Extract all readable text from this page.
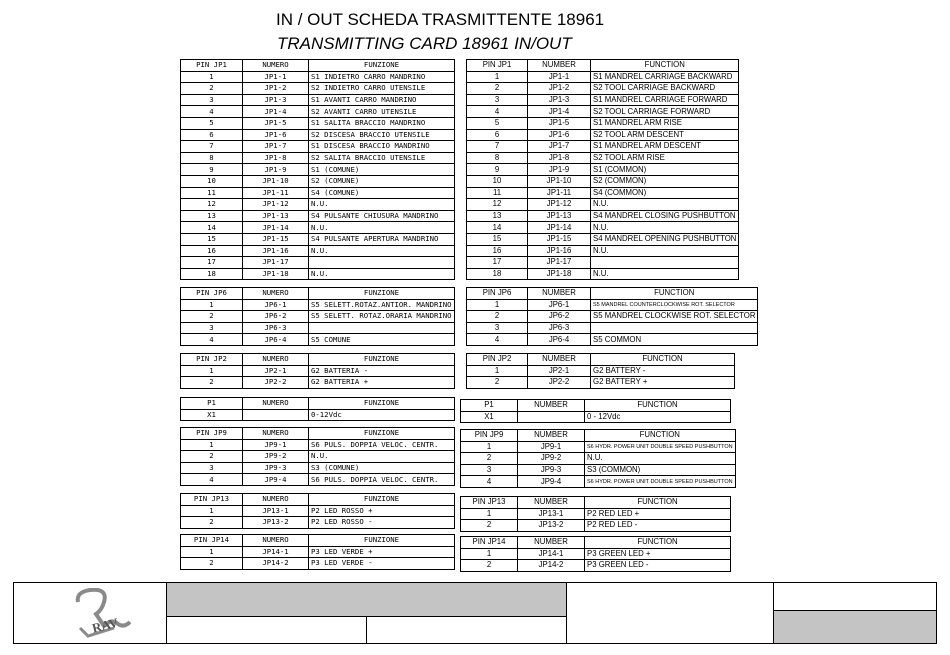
IN / OUT SCHEDA TRASMITTENTE 18961
TRANSMITTING CARD 18961 IN/OUT
PIN JP1	NUMERO	FUNZIONE
1	JP1-1	S1 INDIETRO CARRO MANDRINO
2	JP1-2	S2 INDIETRO CARRO UTENSILE
3	JP1-3	S1 AVANTI CARRO MANDRINO
4	JP1-4	S2 AVANTI CARRO UTENSILE
5	JP1-5	S1 SALITA BRACCIO MANDRINO
6	JP1-6	S2 DISCESA BRACCIO UTENSILE
7	JP1-7	S1 DISCESA BRACCIO MANDRINO
8	JP1-8	S2 SALITA BRACCIO UTENSILE
9	JP1-9	S1 (COMUNE)
10	JP1-10	S2 (COMUNE)
11	JP1-11	S4 (COMUNE)
12	JP1-12	N.U.
13	JP1-13	S4 PULSANTE CHIUSURA MANDRINO
14	JP1-14	N.U.
15	JP1-15	S4 PULSANTE APERTURA MANDRINO
16	JP1-16	N.U.
17	JP1-17	
18	JP1-18	N.U.
PIN JP6	NUMERO	FUNZIONE
1	JP6-1	S5 SELETT.ROTAZ.ANTIOR. MANDRINO
2	JP6-2	S5 SELETT. ROTAZ.ORARIA MANDRINO
3	JP6-3	
4	JP6-4	S5 COMUNE
PIN JP2	NUMERO	FUNZIONE
1	JP2-1	G2 BATTERIA -
2	JP2-2	G2 BATTERIA +
P1	NUMERO	FUNZIONE
X1		0-12Vdc
PIN JP9	NUMERO	FUNZIONE
1	JP9-1	S6 PULS. DOPPIA VELOC. CENTR.
2	JP9-2	N.U.
3	JP9-3	S3 (COMUNE)
4	JP9-4	S6 PULS. DOPPIA VELOC. CENTR.
PIN JP13	NUMERO	FUNZIONE
1	JP13-1	P2 LED ROSSO +
2	JP13-2	P2 LED ROSSO -
PIN JP14	NUMERO	FUNZIONE
1	JP14-1	P3 LED VERDE +
2	JP14-2	P3 LED VERDE -
PIN JP1	NUMBER	FUNCTION
1	JP1-1	S1 MANDREL CARRIAGE BACKWARD
2	JP1-2	S2 TOOL CARRIAGE BACKWARD
3	JP1-3	S1 MANDREL CARRIAGE FORWARD
4	JP1-4	S2 TOOL CARRIAGE FORWARD
5	JP1-5	S1 MANDREL ARM RISE
6	JP1-6	S2 TOOL ARM DESCENT
7	JP1-7	S1 MANDREL ARM DESCENT
8	JP1-8	S2 TOOL ARM RISE
9	JP1-9	S1 (COMMON)
10	JP1-10	S2 (COMMON)
11	JP1-11	S4 (COMMON)
12	JP1-12	N.U.
13	JP1-13	S4 MANDREL CLOSING PUSHBUTTON
14	JP1-14	N.U.
15	JP1-15	S4 MANDREL OPENING PUSHBUTTON
16	JP1-16	N.U.
17	JP1-17	
18	JP1-18	N.U.
PIN JP6	NUMBER	FUNCTION
1	JP6-1	S5 MANDREL COUNTERCLOCKWISE ROT. SELECTOR
2	JP6-2	S5 MANDREL CLOCKWISE ROT. SELECTOR
3	JP6-3	
4	JP6-4	S5 COMMON
PIN JP2	NUMBER	FUNCTION
1	JP2-1	G2 BATTERY -
2	JP2-2	G2 BATTERY +
P1	NUMBER	FUNCTION
X1		0 - 12Vdc
PIN JP9	NUMBER	FUNCTION
1	JP9-1	S6 HYDR. POWER UNIT DOUBLE SPEED PUSHBUTTON
2	JP9-2	N.U.
3	JP9-3	S3 (COMMON)
4	JP9-4	S6 HYDR. POWER UNIT DOUBLE SPEED PUSHBUTTON
PIN JP13	NUMBER	FUNCTION
1	JP13-1	P2 RED LED +
2	JP13-2	P2 RED LED -
PIN JP14	NUMBER	FUNCTION
1	JP14-1	P3 GREEN LED +
2	JP14-2	P3 GREEN LED -
RAV
